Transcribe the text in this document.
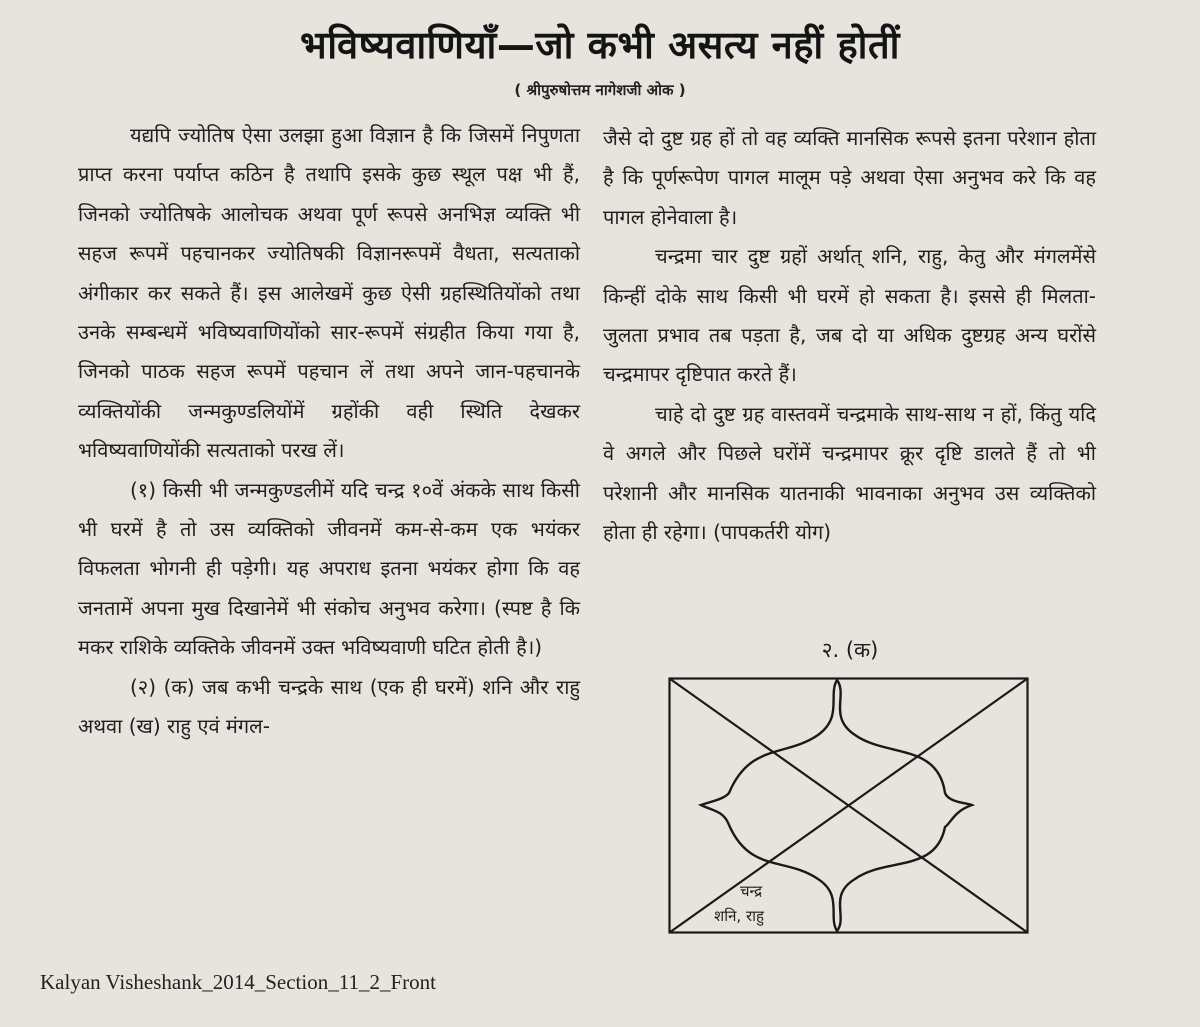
भविष्यवाणियाँ—जो कभी असत्य नहीं होतीं
( श्रीपुरुषोत्तम नागेशजी ओक )

यद्यपि ज्योतिष ऐसा उलझा हुआ विज्ञान है कि जिसमें निपुणता प्राप्त करना पर्याप्त कठिन है तथापि इसके कुछ स्थूल पक्ष भी हैं, जिनको ज्योतिषके आलोचक अथवा पूर्ण रूपसे अनभिज्ञ व्यक्ति भी सहज रूपमें पहचानकर ज्योतिषकी विज्ञानरूपमें वैधता, सत्यताको अंगीकार कर सकते हैं। इस आलेखमें कुछ ऐसी ग्रहस्थितियोंको तथा उनके सम्बन्धमें भविष्यवाणियोंको सार-रूपमें संग्रहीत किया गया है, जिनको पाठक सहज रूपमें पहचान लें तथा अपने जान-पहचानके व्यक्तियोंकी जन्मकुण्डलियोंमें ग्रहोंकी वही स्थिति देखकर भविष्यवाणियोंकी सत्यताको परख लें।

(१) किसी भी जन्मकुण्डलीमें यदि चन्द्र १०वें अंकके साथ किसी भी घरमें है तो उस व्यक्तिको जीवनमें कम-से-कम एक भयंकर विफलता भोगनी ही पड़ेगी। यह अपराध इतना भयंकर होगा कि वह जनतामें अपना मुख दिखानेमें भी संकोच अनुभव करेगा। (स्पष्ट है कि मकर राशिके व्यक्तिके जीवनमें उक्त भविष्यवाणी घटित होती है।)

(२) (क) जब कभी चन्द्रके साथ (एक ही घरमें) शनि और राहु अथवा (ख) राहु एवं मंगल-

जैसे दो दुष्ट ग्रह हों तो वह व्यक्ति मानसिक रूपसे इतना परेशान होता है कि पूर्णरूपेण पागल मालूम पड़े अथवा ऐसा अनुभव करे कि वह पागल होनेवाला है।

चन्द्रमा चार दुष्ट ग्रहों अर्थात् शनि, राहु, केतु और मंगलमेंसे किन्हीं दोके साथ किसी भी घरमें हो सकता है। इससे ही मिलता-जुलता प्रभाव तब पड़ता है, जब दो या अधिक दुष्टग्रह अन्य घरोंसे चन्द्रमापर दृष्टिपात करते हैं।

चाहे दो दुष्ट ग्रह वास्तवमें चन्द्रमाके साथ-साथ न हों, किंतु यदि वे अगले और पिछले घरोंमें चन्द्रमापर क्रूर दृष्टि डालते हैं तो भी परेशानी और मानसिक यातनाकी भावनाका अनुभव उस व्यक्तिको होता ही रहेगा। (पापकर्तरी योग)

२. (क)
चन्द्र
शनि, राहु
Kalyan Visheshank_2014_Section_11_2_Front
